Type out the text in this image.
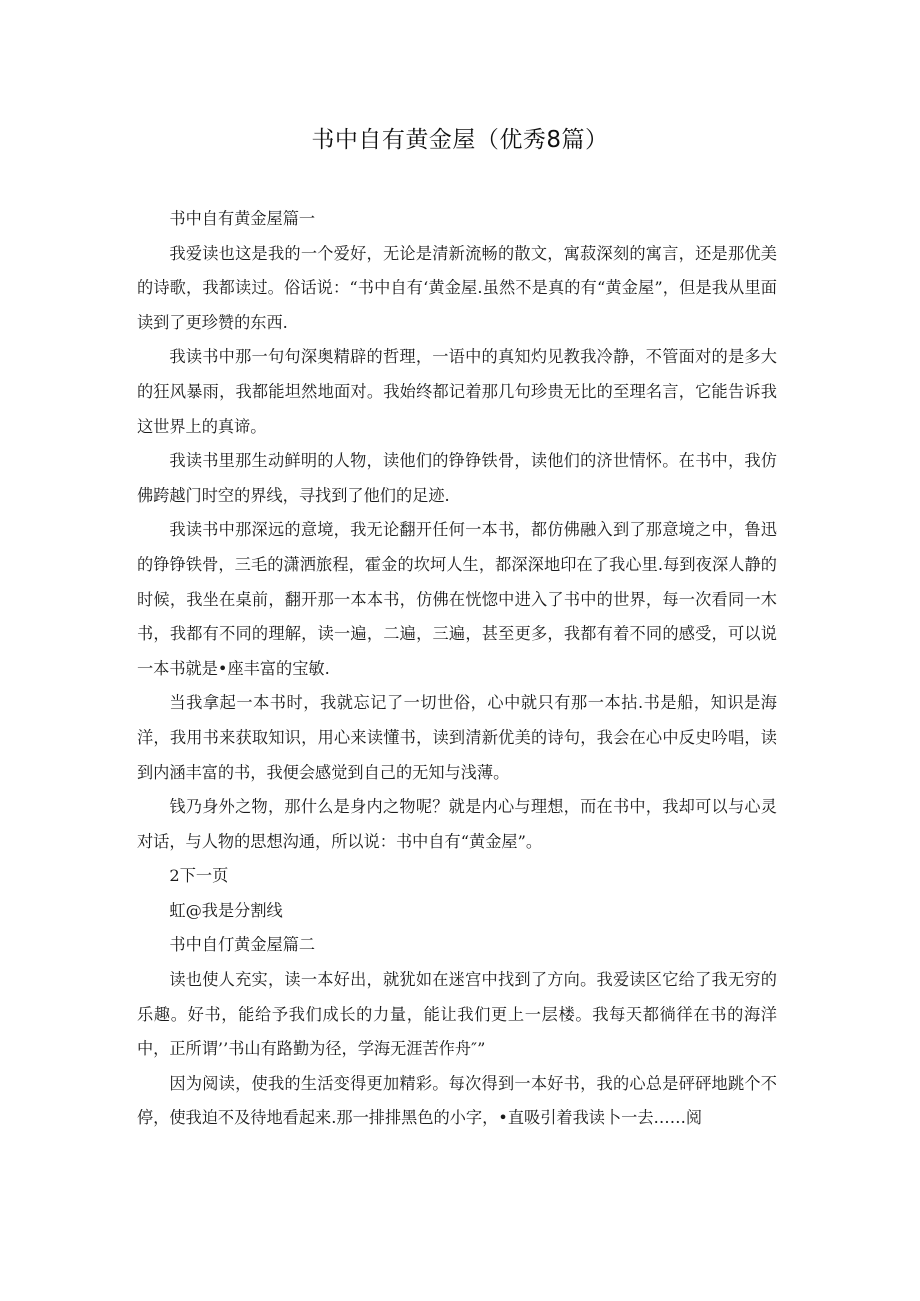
书中自有黄金屋（优秀8篇）

书中自有黄金屋篇一

我爱读也这是我的一个爱好，无论是清新流畅的散文，寓菽深刻的寓言，还是那优美的诗歌，我都读过。俗话说：“书中自有‘黄金屋.虽然不是真的有“黄金屋”，但是我从里面读到了更珍赞的东西.

我读书中那一句句深奥精辟的哲理，一语中的真知灼见教我冷静，不管面对的是多大的狂风暴雨，我都能坦然地面对。我始终都记着那几句珍贵无比的至理名言，它能告诉我这世界上的真谛。

我读书里那生动鲜明的人物，读他们的铮铮铁骨，读他们的济世情怀。在书中，我仿佛跨越门时空的界线，寻找到了他们的足迹.

我读书中那深远的意境，我无论翻开任何一本书，都仿佛融入到了那意境之中，鲁迅的铮铮铁骨，三毛的潇洒旅程，霍金的坎坷人生，都深深地印在了我心里.每到夜深人静的时候，我坐在桌前，翻开那一本本书，仿佛在恍惚中进入了书中的世界，每一次看同一木书，我都有不同的理解，读一遍，二遍，三遍，甚至更多，我都有着不同的感受，可以说一本书就是•座丰富的宝敏.

当我拿起一本书时，我就忘记了一切世俗，心中就只有那一本拈.书是船，知识是海洋，我用书来获取知识，用心来读懂书，读到清新优美的诗句，我会在心中反史吟唱，读到内涵丰富的书，我便会感觉到自己的无知与浅薄。

钱乃身外之物，那什么是身内之物呢？就是内心与理想，而在书中，我却可以与心灵对话，与人物的思想沟通，所以说：书中自有“黄金屋”。

2下一页

虹@我是分割线

书中自仃黄金屋篇二

读也使人充实，读一本好出，就犹如在迷宫中找到了方向。我爱读区它给了我无穷的乐趣。好书，能给予我们成长的力量，能让我们更上一层楼。我每天都徜徉在书的海洋中，正所谓’’书山有路勤为径，学海无涯苦作舟″”

因为阅读，使我的生活变得更加精彩。每次得到一本好书，我的心总是砰砰地跳个不停，使我迫不及待地看起来.那一排排黑色的小字，•直吸引着我读卜一去……阅
